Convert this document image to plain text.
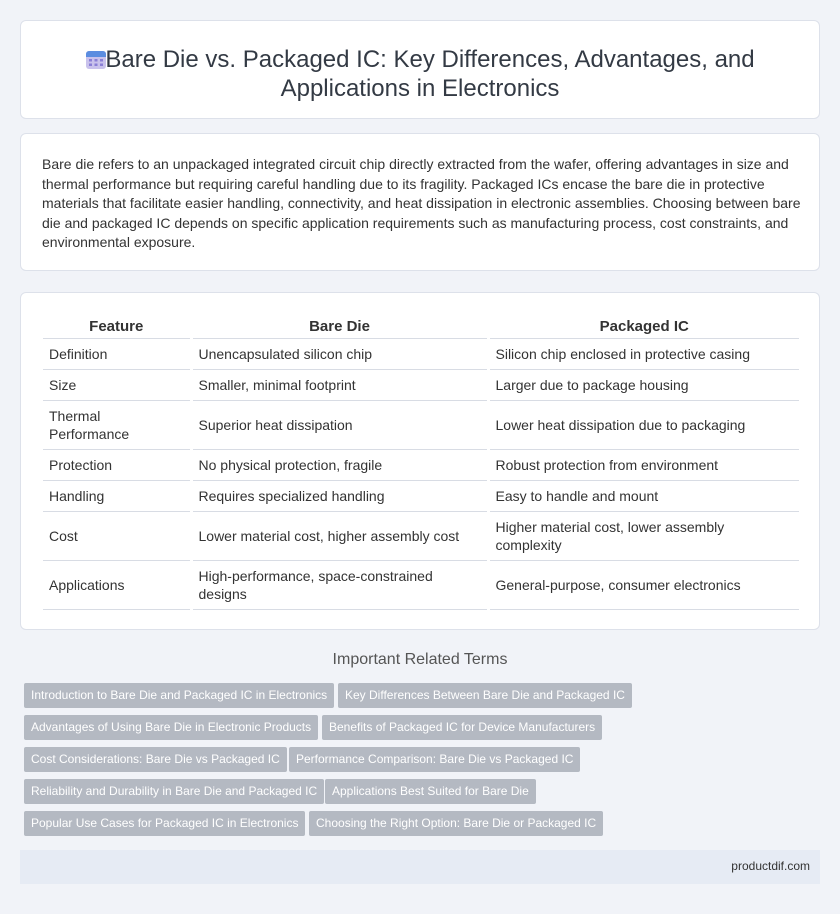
Bare Die vs. Packaged IC: Key Differences, Advantages, and
Applications in Electronics

Bare die refers to an unpackaged integrated circuit chip directly extracted from the wafer, offering advantages in size and thermal performance but requiring careful handling due to its fragility. Packaged ICs encase the bare die in protective materials that facilitate easier handling, connectivity, and heat dissipation in electronic assemblies. Choosing between bare die and packaged IC depends on specific application requirements such as manufacturing process, cost constraints, and environmental exposure.

Feature	Bare Die	Packaged IC
Definition	Unencapsulated silicon chip	Silicon chip enclosed in protective casing
Size	Smaller, minimal footprint	Larger due to package housing
Thermal Performance	Superior heat dissipation	Lower heat dissipation due to packaging
Protection	No physical protection, fragile	Robust protection from environment
Handling	Requires specialized handling	Easy to handle and mount
Cost	Lower material cost, higher assembly cost	Higher material cost, lower assembly complexity
Applications	High-performance, space-constrained designs	General-purpose, consumer electronics
Important Related Terms
Introduction to Bare Die and Packaged IC in Electronics	Key Differences Between Bare Die and Packaged IC
Advantages of Using Bare Die in Electronic Products	Benefits of Packaged IC for Device Manufacturers
Cost Considerations: Bare Die vs Packaged IC	Performance Comparison: Bare Die vs Packaged IC
Reliability and Durability in Bare Die and Packaged IC	Applications Best Suited for Bare Die
Popular Use Cases for Packaged IC in Electronics	Choosing the Right Option: Bare Die or Packaged IC
productdif.com
